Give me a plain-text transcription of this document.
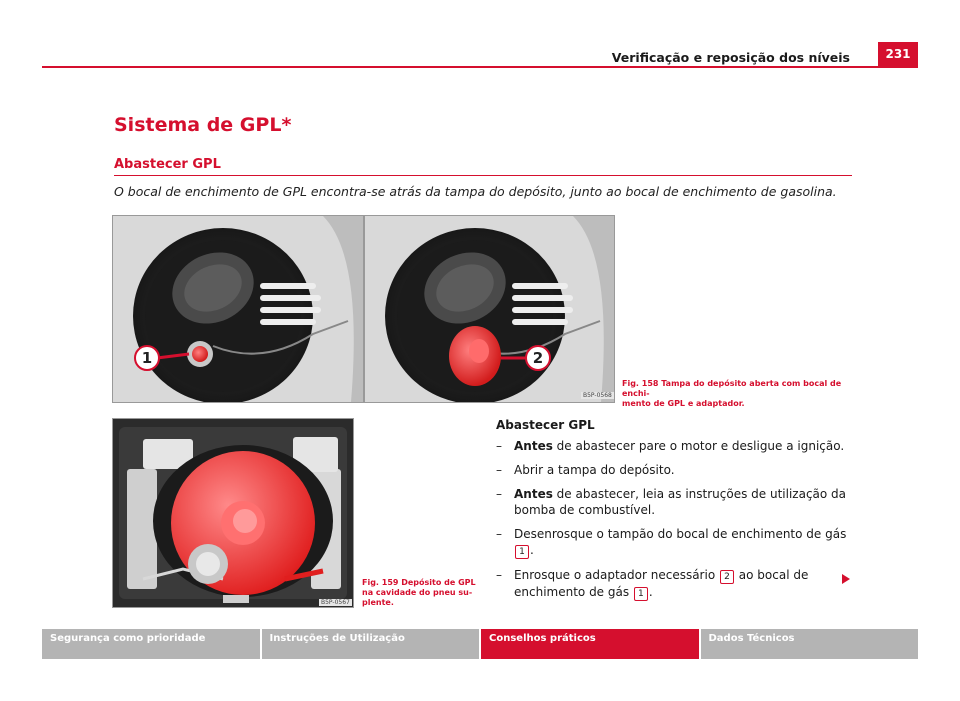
Verificação e reposição dos níveis	231
Sistema de GPL*
Abastecer GPL
O bocal de enchimento de GPL encontra-se atrás da tampa do depósito, junto ao bocal de enchimento de gasolina.
1	2
B5P-0568
Fig. 158 Tampa do depósito aberta com bocal de enchi-
mento de GPL e adaptador.
B5P-0567
Fig. 159 Depósito de GPL
na cavidade do pneu su-
plente.
Abastecer GPL
– Antes de abastecer pare o motor e desligue a ignição.
– Abrir a tampa do depósito.
– Antes de abastecer, leia as instruções de utilização da bomba de combustível.
– Desenrosque o tampão do bocal de enchimento de gás 1 .
– Enrosque o adaptador necessário 2 ao bocal de enchimento de gás 1 .
Segurança como prioridade	Instruções de Utilização	Conselhos práticos	Dados Técnicos
